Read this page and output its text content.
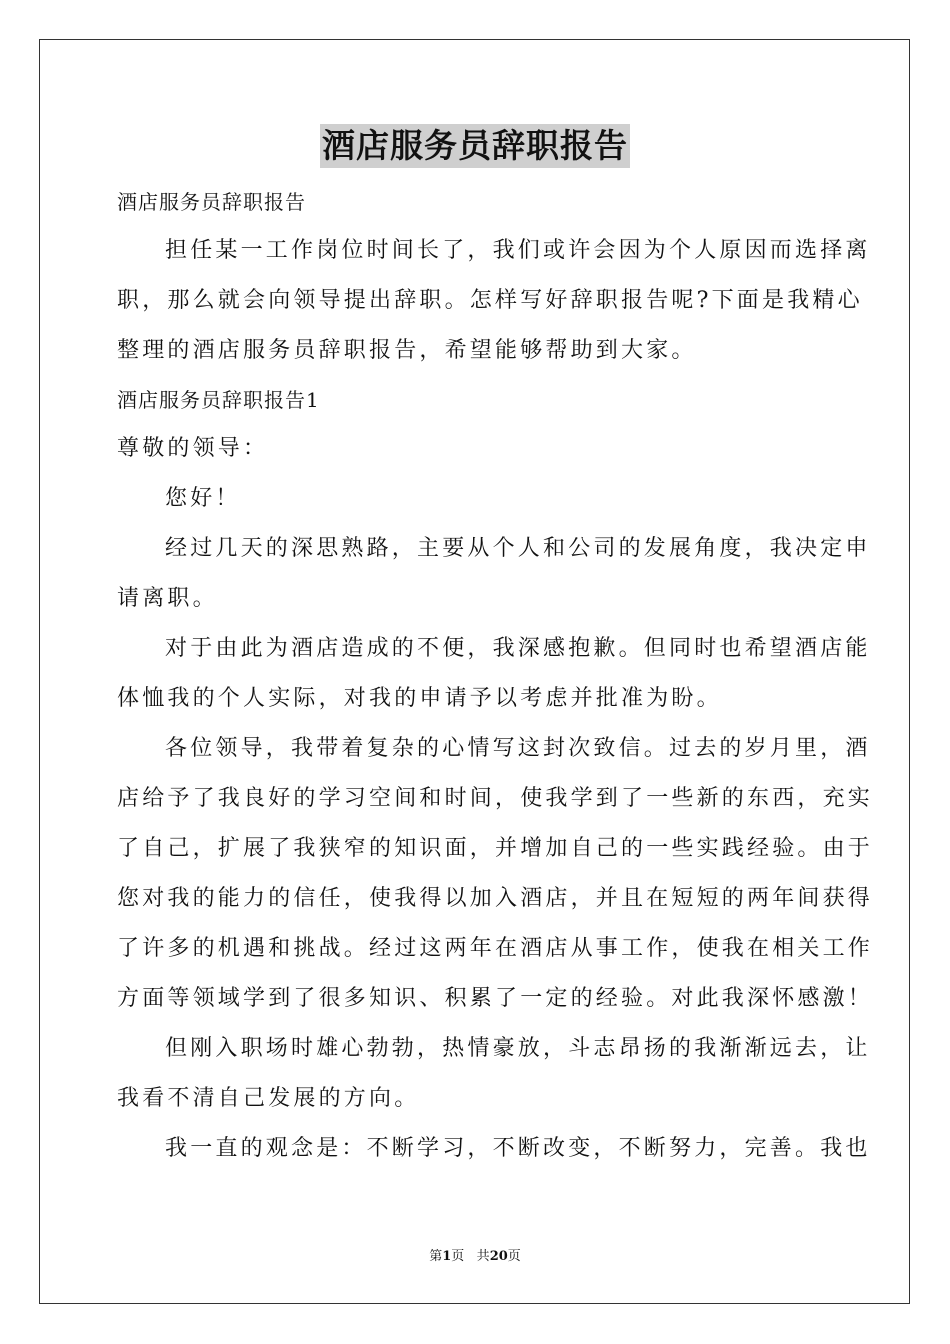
酒店服务员辞职报告
酒店服务员辞职报告
担任某一工作岗位时间长了，我们或许会因为个人原因而选择离
职，那么就会向领导提出辞职。怎样写好辞职报告呢?下面是我精心
整理的酒店服务员辞职报告，希望能够帮助到大家。
酒店服务员辞职报告1
尊敬的领导：
您好！
经过几天的深思熟路，主要从个人和公司的发展角度，我决定申
请离职。
对于由此为酒店造成的不便，我深感抱歉。但同时也希望酒店能
体恤我的个人实际，对我的申请予以考虑并批准为盼。
各位领导，我带着复杂的心情写这封次致信。过去的岁月里，酒
店给予了我良好的学习空间和时间，使我学到了一些新的东西，充实
了自己，扩展了我狭窄的知识面，并增加自己的一些实践经验。由于
您对我的能力的信任，使我得以加入酒店，并且在短短的两年间获得
了许多的机遇和挑战。经过这两年在酒店从事工作，使我在相关工作
方面等领域学到了很多知识、积累了一定的经验。对此我深怀感激！
但刚入职场时雄心勃勃，热情豪放，斗志昂扬的我渐渐远去，让
我看不清自己发展的方向。
我一直的观念是：不断学习，不断改变，不断努力，完善。我也
第1页 共20页
